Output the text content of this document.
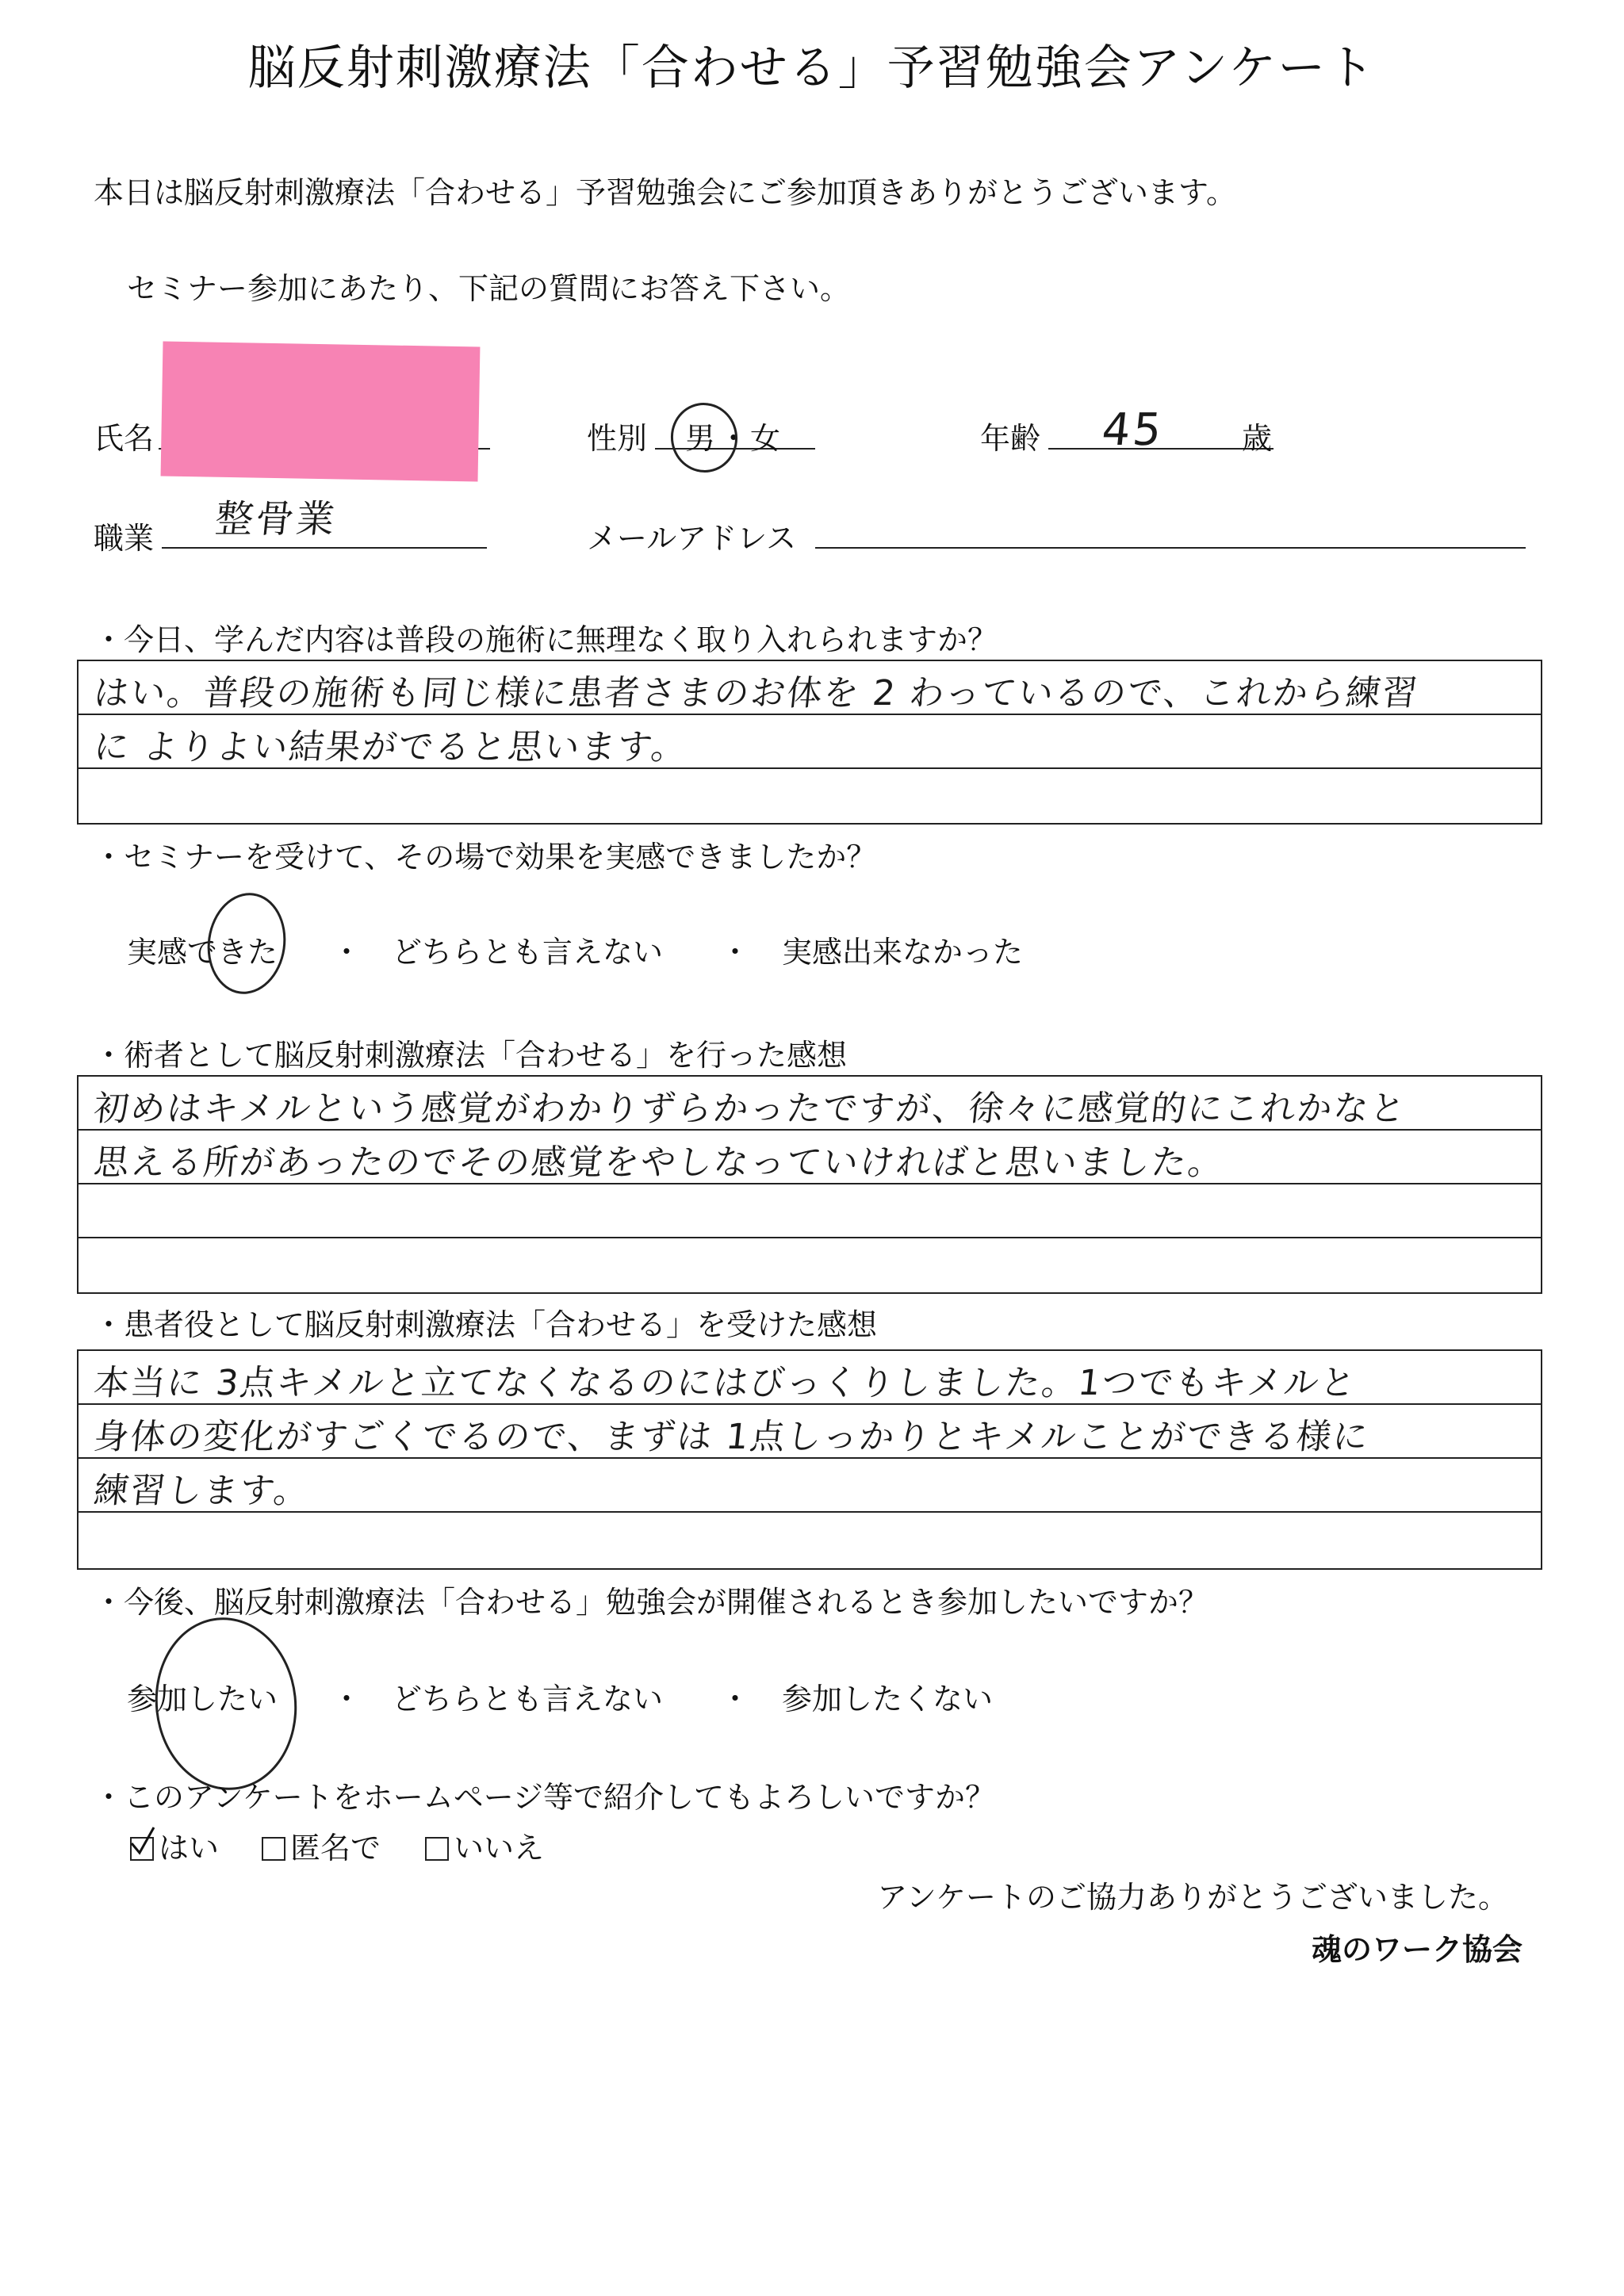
脳反射刺激療法「合わせる」予習勉強会アンケート
本日は脳反射刺激療法「合わせる」予習勉強会にご参加頂きありがとうございます。
セミナー参加にあたり、下記の質問にお答え下さい。
氏名	性別 男 ・ 女	年齢 45	歳
職業 整骨業	メールアドレス
・今日、学んだ内容は普段の施術に無理なく取り入れられますか？
はい。普段の施術も同じ様に患者さまのお体を 2 わっているので、これから練習
に よりよい結果がでると思います。
・セミナーを受けて、その場で効果を実感できましたか？
実感できた ・ どちらとも言えない ・ 実感出来なかった
・術者として脳反射刺激療法「合わせる」を行った感想
初めはキメルという感覚がわかりずらかったですが、徐々に感覚的にこれかなと
思える所があったのでその感覚をやしなっていければと思いました。
・患者役として脳反射刺激療法「合わせる」を受けた感想
本当に 3点キメルと立てなくなるのにはびっくりしました。1つでもキメルと
身体の変化がすごくでるので、まずは 1点しっかりとキメルことができる様に
練習します。
・今後、脳反射刺激療法「合わせる」勉強会が開催されるとき参加したいですか？
参加したい ・ どちらとも言えない ・ 参加したくない
・このアンケートをホームページ等で紹介してもよろしいですか？
はい	匿名で	いいえ
アンケートのご協力ありがとうございました。
魂のワーク協会
